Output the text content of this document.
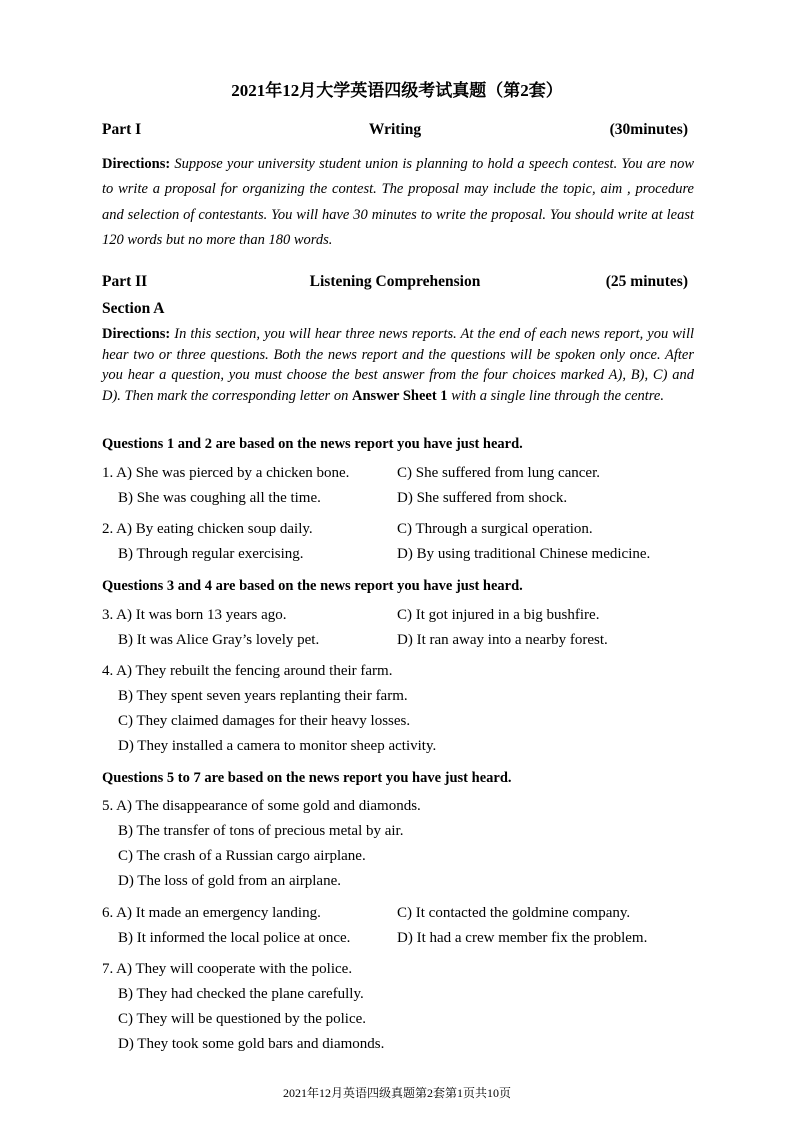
2021年12月大学英语四级考试真题（第2套）
Part I	Writing	(30minutes)
Directions: Suppose your university student union is planning to hold a speech contest. You are now to write a proposal for organizing the contest. The proposal may include the topic, aim , procedure and selection of contestants. You will have 30 minutes to write the proposal. You should write at least 120 words but no more than 180 words.
Part II	Listening Comprehension	(25 minutes)
Section A
Directions: In this section, you will hear three news reports. At the end of each news report, you will hear two or three questions. Both the news report and the questions will be spoken only once. After you hear a question, you must choose the best answer from the four choices marked A), B), C) and D). Then mark the corresponding letter on Answer Sheet 1 with a single line through the centre.
Questions 1 and 2 are based on the news report you have just heard.
1. A) She was pierced by a chicken bone.	C) She suffered from lung cancer.
B) She was coughing all the time.	D) She suffered from shock.
2. A) By eating chicken soup daily.	C) Through a surgical operation.
B) Through regular exercising.	D) By using traditional Chinese medicine.
Questions 3 and 4 are based on the news report you have just heard.
3. A) It was born 13 years ago.	C) It got injured in a big bushfire.
B) It was Alice Gray’s lovely pet.	D) It ran away into a nearby forest.
4. A) They rebuilt the fencing around their farm.
B) They spent seven years replanting their farm.
C) They claimed damages for their heavy losses.
D) They installed a camera to monitor sheep activity.
Questions 5 to 7 are based on the news report you have just heard.
5. A) The disappearance of some gold and diamonds.
B) The transfer of tons of precious metal by air.
C) The crash of a Russian cargo airplane.
D) The loss of gold from an airplane.
6. A) It made an emergency landing.	C) It contacted the goldmine company.
B) It informed the local police at once.	D) It had a crew member fix the problem.
7. A) They will cooperate with the police.
B) They had checked the plane carefully.
C) They will be questioned by the police.
D) They took some gold bars and diamonds.
2021年12月英语四级真题第2套第1页共10页
